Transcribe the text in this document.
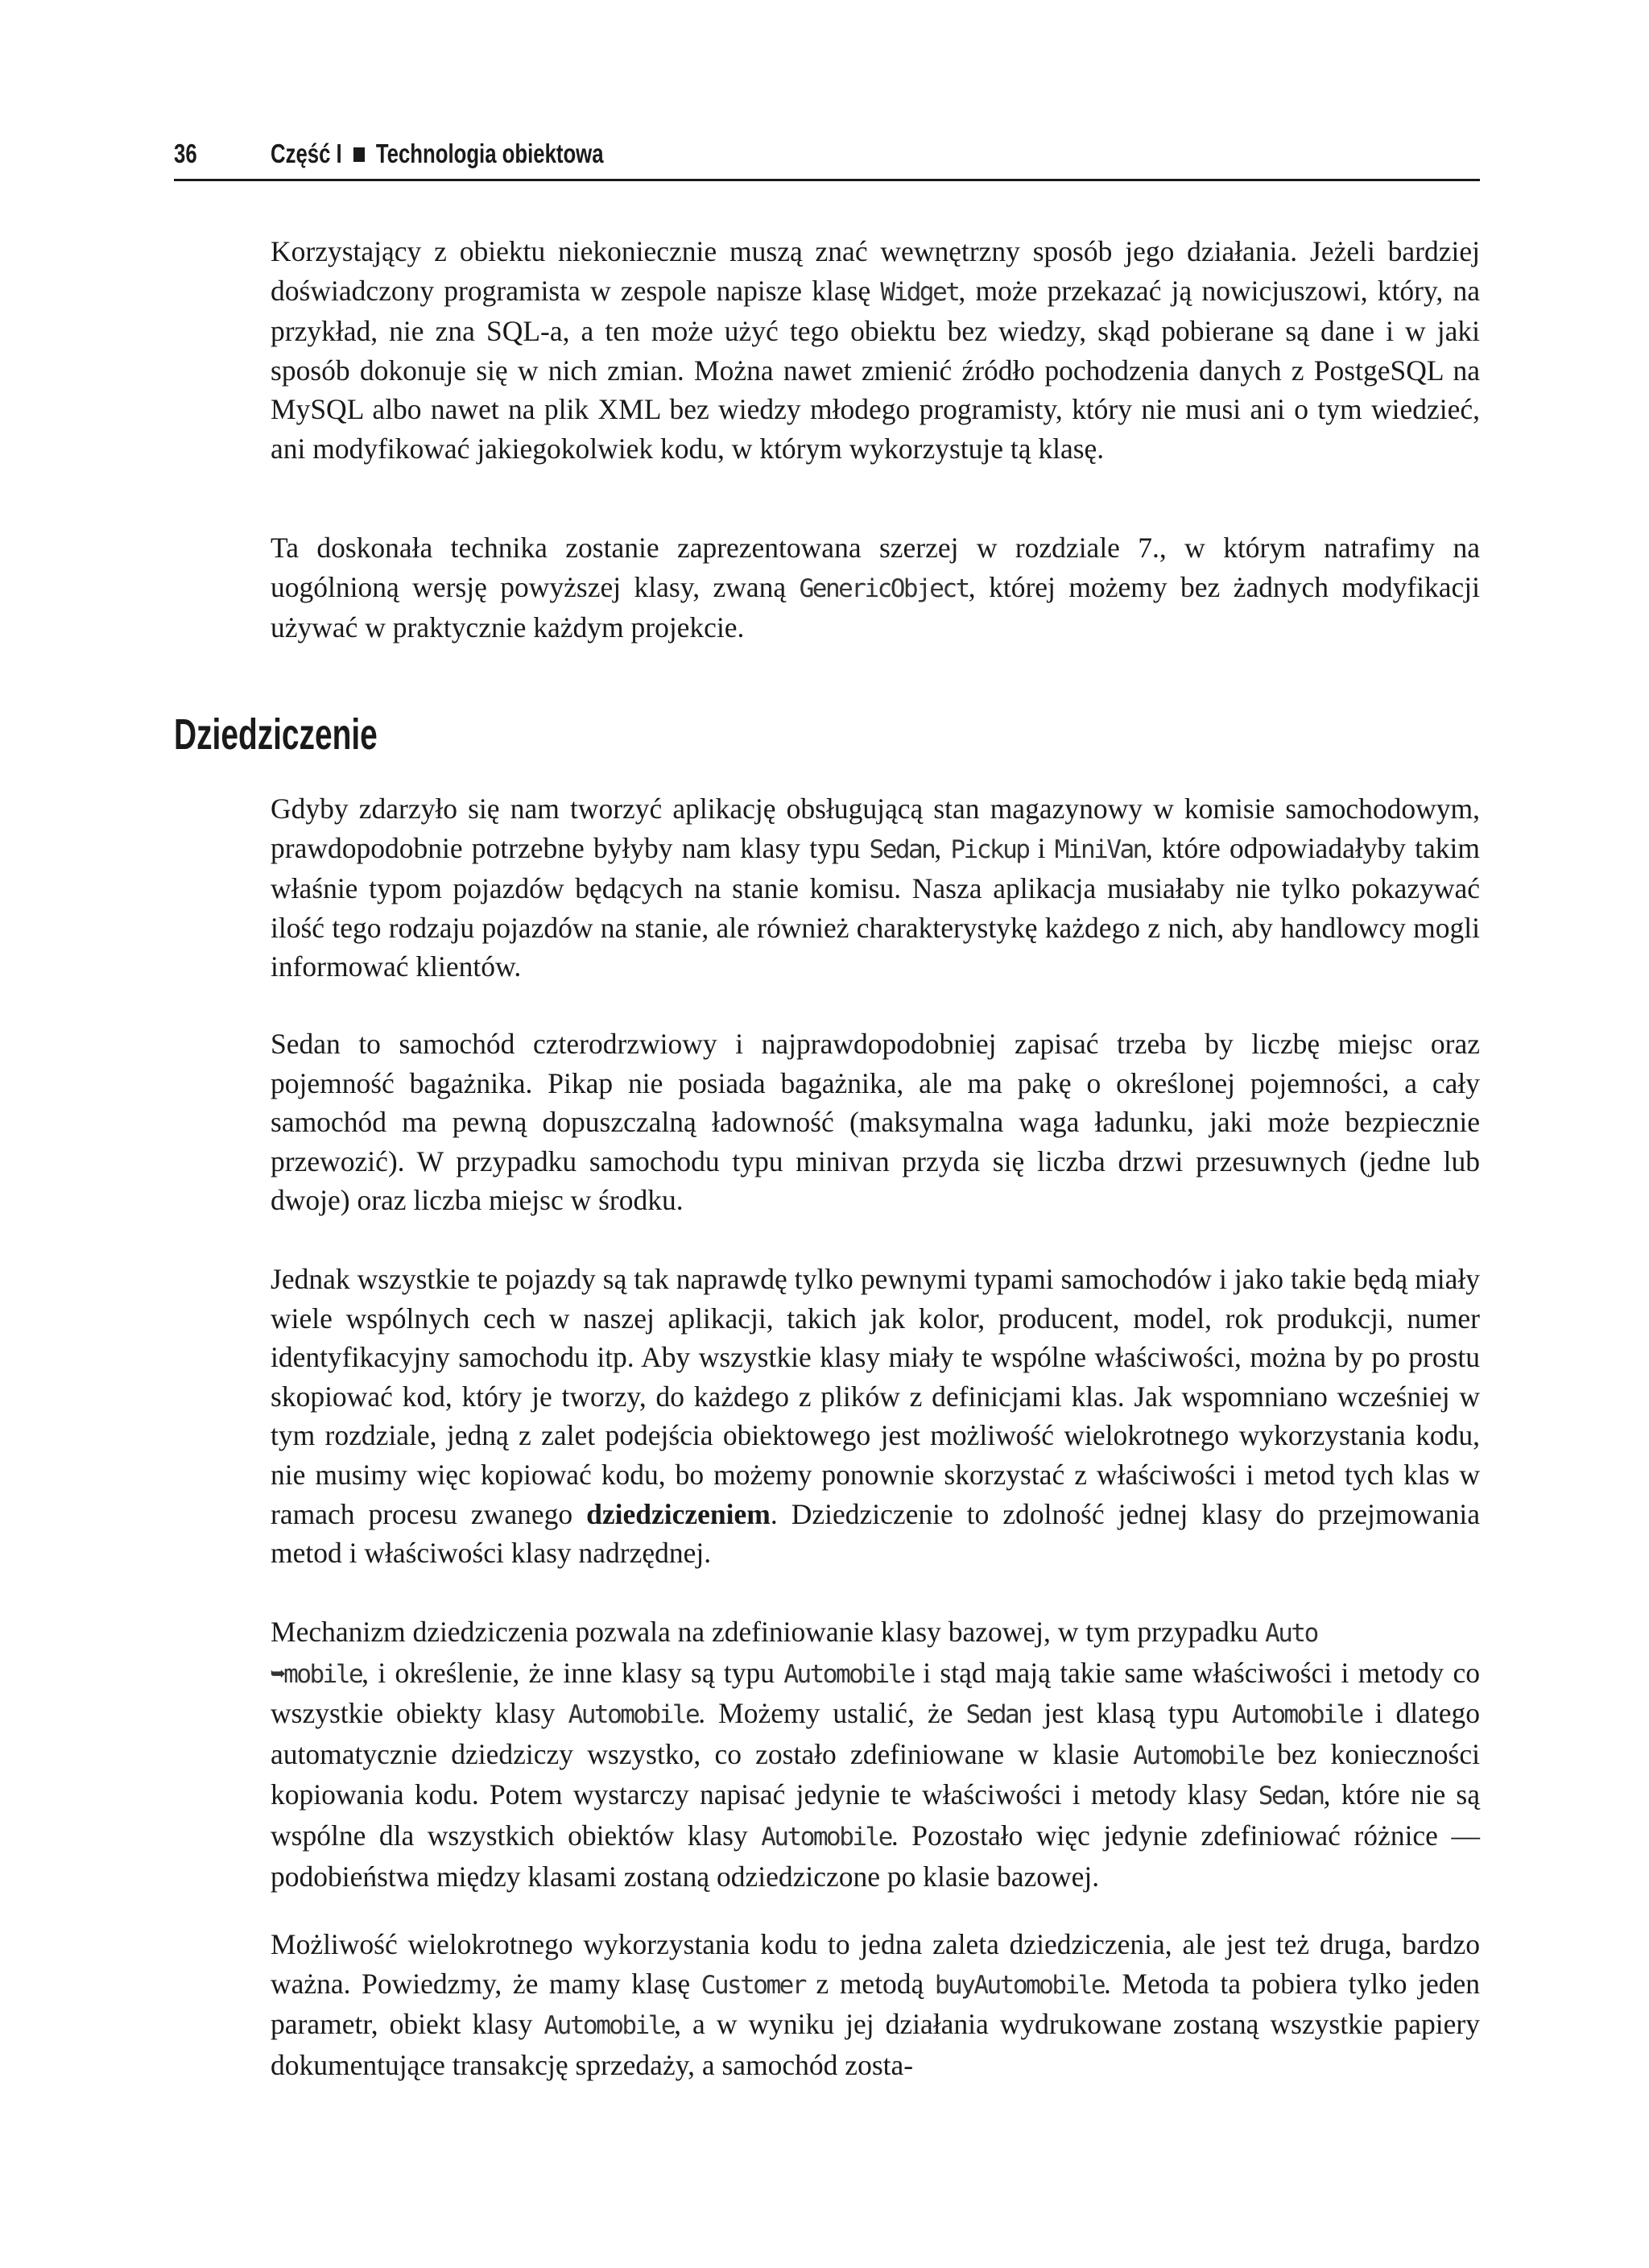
36	Część I Technologia obiektowa

Korzystający z obiektu niekoniecznie muszą znać wewnętrzny sposób jego działania. Jeżeli bardziej doświadczony programista w zespole napisze klasę Widget, może przekazać ją nowicjuszowi, który, na przykład, nie zna SQL-a, a ten może użyć tego obiektu bez wiedzy, skąd pobierane są dane i w jaki sposób dokonuje się w nich zmian. Można nawet zmienić źródło pochodzenia danych z PostgeSQL na MySQL albo nawet na plik XML bez wiedzy młodego programisty, który nie musi ani o tym wiedzieć, ani modyfikować jakiegokolwiek kodu, w którym wykorzystuje tą klasę.

Ta doskonała technika zostanie zaprezentowana szerzej w rozdziale 7., w którym natrafimy na uogólnioną wersję powyższej klasy, zwaną GenericObject, której możemy bez żadnych modyfikacji używać w praktycznie każdym projekcie.

Dziedziczenie

Gdyby zdarzyło się nam tworzyć aplikację obsługującą stan magazynowy w komisie samochodowym, prawdopodobnie potrzebne byłyby nam klasy typu Sedan, Pickup i MiniVan, które odpowiadałyby takim właśnie typom pojazdów będących na stanie komisu. Nasza aplikacja musiałaby nie tylko pokazywać ilość tego rodzaju pojazdów na stanie, ale również charakterystykę każdego z nich, aby handlowcy mogli informować klientów.

Sedan to samochód czterodrzwiowy i najprawdopodobniej zapisać trzeba by liczbę miejsc oraz pojemność bagażnika. Pikap nie posiada bagażnika, ale ma pakę o określonej pojemności, a cały samochód ma pewną dopuszczalną ładowność (maksymalna waga ładunku, jaki może bezpiecznie przewozić). W przypadku samochodu typu minivan przyda się liczba drzwi przesuwnych (jedne lub dwoje) oraz liczba miejsc w środku.

Jednak wszystkie te pojazdy są tak naprawdę tylko pewnymi typami samochodów i jako takie będą miały wiele wspólnych cech w naszej aplikacji, takich jak kolor, producent, model, rok produkcji, numer identyfikacyjny samochodu itp. Aby wszystkie klasy miały te wspólne właściwości, można by po prostu skopiować kod, który je tworzy, do każdego z plików z definicjami klas. Jak wspomniano wcześniej w tym rozdziale, jedną z zalet podejścia obiektowego jest możliwość wielokrotnego wykorzystania kodu, nie musimy więc kopiować kodu, bo możemy ponownie skorzystać z właściwości i metod tych klas w ramach procesu zwanego dziedziczeniem. Dziedziczenie to zdolność jednej klasy do przejmowania metod i właściwości klasy nadrzędnej.

Mechanizm dziedziczenia pozwala na zdefiniowanie klasy bazowej, w tym przypadku Auto
➥mobile, i określenie, że inne klasy są typu Automobile i stąd mają takie same właściwości i metody co wszystkie obiekty klasy Automobile. Możemy ustalić, że Sedan jest klasą typu Automobile i dlatego automatycznie dziedziczy wszystko, co zostało zdefiniowane w klasie Automobile bez konieczności kopiowania kodu. Potem wystarczy napisać jedynie te właściwości i metody klasy Sedan, które nie są wspólne dla wszystkich obiektów klasy Automobile. Pozostało więc jedynie zdefiniować różnice — podobieństwa między klasami zostaną odziedziczone po klasie bazowej.

Możliwość wielokrotnego wykorzystania kodu to jedna zaleta dziedziczenia, ale jest też druga, bardzo ważna. Powiedzmy, że mamy klasę Customer z metodą buyAutomobile. Metoda ta pobiera tylko jeden parametr, obiekt klasy Automobile, a w wyniku jej działania wydrukowane zostaną wszystkie papiery dokumentujące transakcję sprzedaży, a samochód zosta-
